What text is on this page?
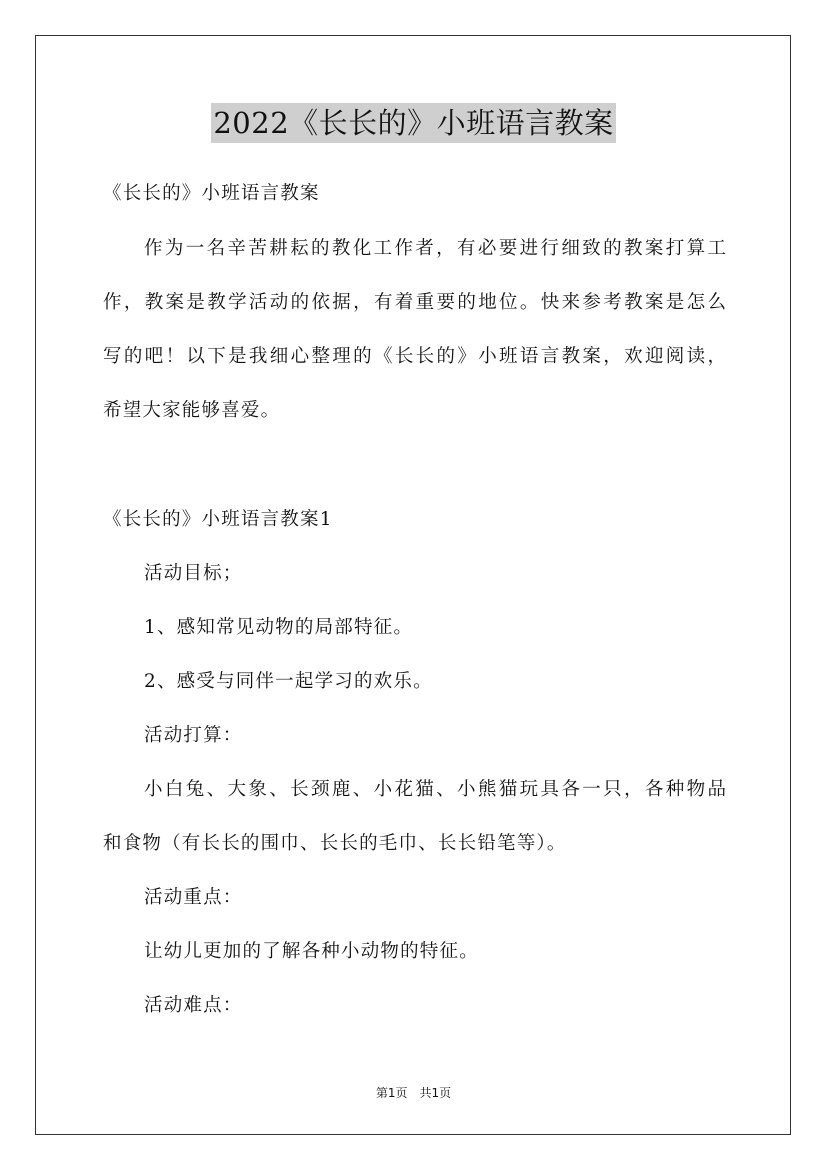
2022《长长的》小班语言教案
《长长的》小班语言教案
作为一名辛苦耕耘的教化工作者，有必要进行细致的教案打算工
作，教案是教学活动的依据，有着重要的地位。快来参考教案是怎么
写的吧！以下是我细心整理的《长长的》小班语言教案，欢迎阅读，
希望大家能够喜爱。
《长长的》小班语言教案1
活动目标；
1、感知常见动物的局部特征。
2、感受与同伴一起学习的欢乐。
活动打算：
小白兔、大象、长颈鹿、小花猫、小熊猫玩具各一只，各种物品
和食物（有长长的围巾、长长的毛巾、长长铅笔等）。
活动重点：
让幼儿更加的了解各种小动物的特征。
活动难点：
第1页　共1页
